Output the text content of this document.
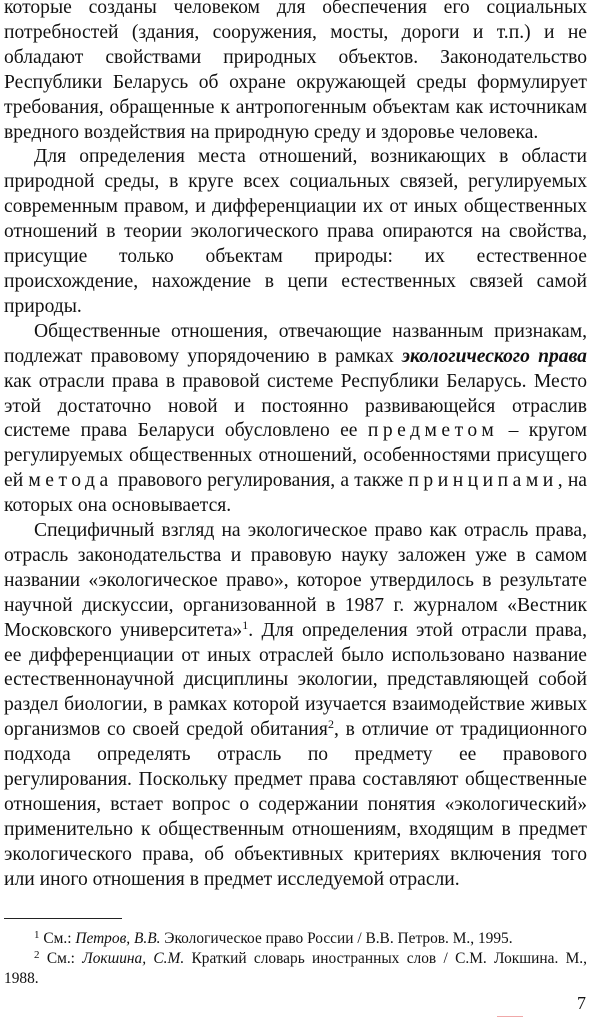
которые созданы человеком для обеспечения его социальных потребностей (здания, сооружения, мосты, дороги и т.п.) и не обладают свойствами природных объектов. Законодательство Республики Беларусь об охране окружающей среды формулирует требования, обращенные к антропогенным объектам как источникам вредного воздействия на природную среду и здоровье человека.

Для определения места отношений, возникающих в области природной среды, в круге всех социальных связей, регулируемых современным правом, и дифференциации их от иных общественных отношений в теории экологического права опираются на свойства, присущие только объектам природы: их естественное происхождение, нахождение в цепи естественных связей самой природы.

Общественные отношения, отвечающие названным признакам, подлежат правовому упорядочению в рамках экологического права как отрасли права в правовой системе Республики Беларусь. Место этой достаточно новой и постоянно развивающейся отраслив системе права Беларуси обусловлено ее предметом – кругом регулируемых общественных отношений, особенностями присущего ей метода правового регулирования, а также принципами, на которых она основывается.

Специфичный взгляд на экологическое право как отрасль права, отрасль законодательства и правовую науку заложен уже в самом названии «экологическое право», которое утвердилось в результате научной дискуссии, организованной в 1987 г. журналом «Вестник Московского университета»$^1$. Для определения этой отрасли права, ее дифференциации от иных отраслей было использовано название естественнонаучной дисциплины экологии, представляющей собой раздел биологии, в рамках которой изучается взаимодействие живых организмов со своей средой обитания$^2$, в отличие от традиционного подхода определять отрасль по предмету ее правового регулирования. Поскольку предмет права составляют общественные отношения, встает вопрос о содержании понятия «экологический» применительно к общественным отношениям, входящим в предмет экологического права, об объективных критериях включения того или иного отношения в предмет исследуемой отрасли.

$^1$ См.: Петров, В.В. Экологическое право России / В.В. Петров. М., 1995.

$^2$ См.: Локшина, С.М. Краткий словарь иностранных слов / С.М. Локшина. М., 1988.

7
